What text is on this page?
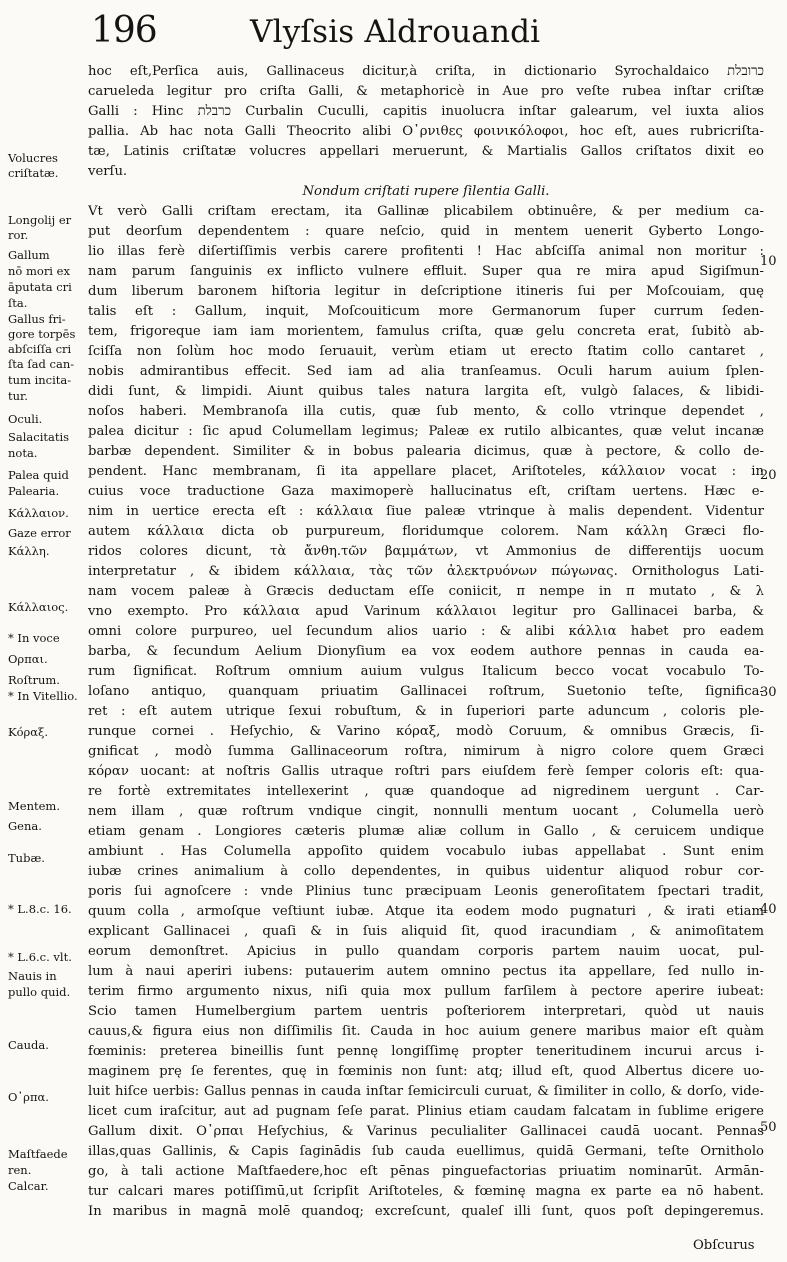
196	Vlyſsis Aldrouandi
Volucres
criſtatæ.
Longolij er
ror.
Gallum
nō mori ex
āputata cri
ſta.
Gallus fri-
gore torpēs
abſciſſa cri
ſta ſad can-
tum incita-
tur.
Oculi.
Salacitatis
nota.
Palea quid
Palearia.
Κάλλαιον.
Gaze error
Κάλλη.
Κάλλαιος.
* In voce
Ορπαι.
Roſtrum.
* In Vitellio.
Κόραξ.
Mentem.
Gena.
Tubæ.
* L.8.c. 16.
* L.6.c. vlt.
Nauis in
pullo quid.
Cauda.
Ο᾽ρπα.
Maſtfaede
ren.
Calcar.
hoc eſt,Perſica auis, Gallinaceus dicitur,à criſta, in dictionario Syrochaldaico כרובלת
carueleda legitur pro criſta Galli, & metaphoricè in Aue pro veſte rubea inſtar criſtæ
Galli : Hinc כרבלת Curbalin Cuculli, capitis inuolucra inſtar galearum, vel iuxta alios
pallia. Ab hac nota Galli Theocrito alibi Ο᾽ρνιθες φοινικόλοφοι, hoc eſt, aues rubricriſta-
tæ, Latinis criſtatæ volucres appellari meruerunt, & Martialis Gallos criſtatos dixit eo
verſu.
Nondum criſtati rupere ſilentia Galli.
Vt verò Galli criſtam erectam, ita Gallinæ plicabilem obtinuêre, & per medium ca-
put deorſum dependentem : quare neſcio, quid in mentem uenerit Gyberto Longo-
lio illas ferè diſertiſſimis verbis carere profitenti ! Hac abſciſſa animal non moritur :
nam parum ſanguinis ex inflicto vulnere effluit. Super qua re mira apud Sigiſmun-
dum liberum baronem hiſtoria legitur in deſcriptione itineris ſui per Moſcouiam, quę
talis eſt : Gallum, inquit, Moſcouiticum more Germanorum ſuper currum ſeden-
tem, frigoreque iam iam morientem, famulus criſta, quæ gelu concreta erat, ſubitò ab-
ſciſſa non ſolùm hoc modo ſeruauit, verùm etiam ut erecto ſtatim collo cantaret ,
nobis admirantibus effecit. Sed iam ad alia tranſeamus. Oculi harum auium ſplen-
didi ſunt, & limpidi. Aiunt quibus tales natura largita eſt, vulgò ſalaces, & libidi-
noſos haberi. Membranoſa illa cutis, quæ ſub mento, & collo vtrinque dependet ,
palea dicitur : ſic apud Columellam legimus; Paleæ ex rutilo albicantes, quæ velut incanæ
barbæ dependent. Similiter & in bobus palearia dicimus, quæ à pectore, & collo de-
pendent. Hanc membranam, ſi ita appellare placet, Ariſtoteles, κάλλαιον vocat : in
cuius voce traductione Gaza maximoperè hallucinatus eſt, criſtam uertens. Hæc e-
nim in uertice erecta eſt : κάλλαια ſiue paleæ vtrinque à malis dependent. Videntur
autem κάλλαια dicta ob purpureum, floridumque colorem. Nam κάλλη Græci flo-
ridos colores dicunt, τὰ ἄνθη.τῶν βαμμάτων, vt Ammonius de differentijs uocum
interpretatur , & ibidem κάλλαια, τὰς τῶν ἀλεκτρυόνων πώγωνας. Ornithologus Lati-
nam vocem paleæ à Græcis deductam eſſe coniicit, π nempe in π mutato , & λ
vno exempto. Pro κάλλαια apud Varinum κάλλαιοι legitur pro Gallinacei barba, &
omni colore purpureo, uel ſecundum alios uario : & alibi κάλλια habet pro eadem
barba, & ſecundum Aelium Dionyſium ea vox eodem authore pennas in cauda ea-
rum ſignificat. Roſtrum omnium auium vulgus Italicum becco vocat vocabulo To-
loſano antiquo, quanquam priuatim Gallinacei roſtrum, Suetonio teſte, ſignifica-
ret : eſt autem utrique ſexui robuſtum, & in ſuperiori parte aduncum , coloris ple-
runque cornei . Heſychio, & Varino κόραξ, modò Coruum, & omnibus Græcis, ſi-
gnificat , modò ſumma Gallinaceorum roſtra, nimirum à nigro colore quem Græci
κόραν uocant: at noſtris Gallis utraque roſtri pars eiuſdem ferè ſemper coloris eſt: qua-
re fortè extremitates intellexerint , quæ quandoque ad nigredinem uergunt . Car-
nem illam , quæ roſtrum vndique cingit, nonnulli mentum uocant , Columella uerò
etiam genam . Longiores cæteris plumæ aliæ collum in Gallo , & ceruicem undique
ambiunt . Has Columella appoſito quidem vocabulo iubas appellabat . Sunt enim
iubæ crines animalium à collo dependentes, in quibus uidentur aliquod robur cor-
poris ſui agnoſcere : vnde Plinius tunc præcipuam Leonis generoſitatem ſpectari tradit,
quum colla , armoſque veſtiunt iubæ. Atque ita eodem modo pugnaturi , & irati etiam
explicant Gallinacei , quaſi & in ſuis aliquid ſit, quod iracundiam , & animoſitatem
eorum demonſtret. Apicius in pullo quandam corporis partem nauim uocat, pul-
lum à naui aperiri iubens: putauerim autem omnino pectus ita appellare, ſed nullo in-
terim firmo argumento nixus, niſi quia mox pullum farſilem à pectore aperire iubeat:
Scio tamen Humelbergium partem uentris poſteriorem interpretari, quòd ut nauis
cauus,& figura eius non diſſimilis ſit. Cauda in hoc auium genere maribus maior eſt quàm
fœminis: preterea bineillis ſunt pennę longiſſimę propter teneritudinem incurui arcus i-
maginem prę ſe ferentes, quę in fœminis non ſunt: atq; illud eſt, quod Albertus dicere uo-
luit hiſce uerbis: Gallus pennas in cauda inſtar ſemicirculi curuat, & ſimiliter in collo, & dorſo, vide-
licet cum iraſcitur, aut ad pugnam ſeſe parat. Plinius etiam caudam falcatam in ſublime erigere
Gallum dixit. Ο᾽ρπαι Heſychius, & Varinus peculialiter Gallinacei caudā uocant. Pennas
illas,quas Gallinis, & Capis ſaginādis ſub cauda euellimus, quidā Germani, teſte Ornitholo
go, à tali actione Maſtfaedere,hoc eſt pēnas pinguefactorias priuatim nominarūt. Armān-
tur calcari mares potiſſimū,ut ſcripſit Ariſtoteles, & fœminę magna ex parte ea nō habent.
In maribus in magnā molē quandoq; excreſcunt, qualeſ illi ſunt, quos poſt depingeremus.
10
20
30
40
50
Obſcurus
